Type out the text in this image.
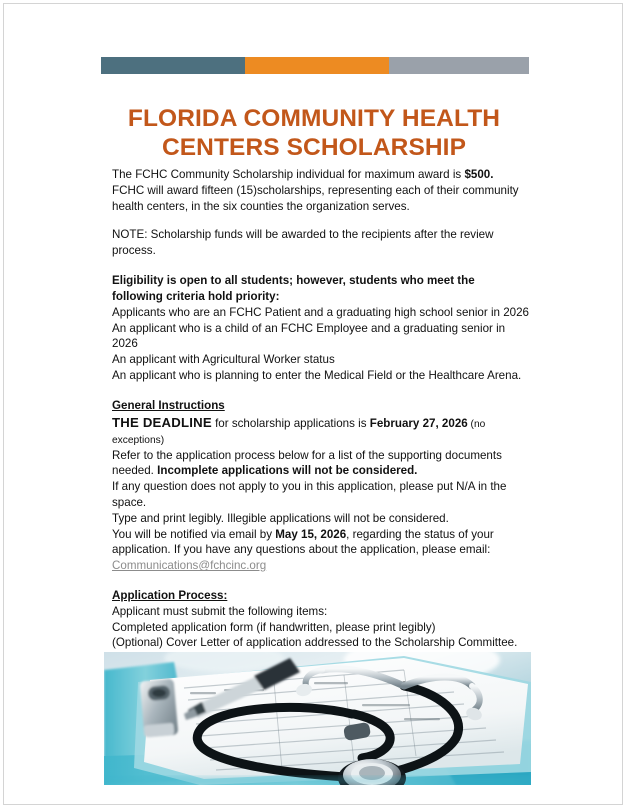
FLORIDA COMMUNITY HEALTH
CENTERS SCHOLARSHIP

The FCHC Community Scholarship individual for maximum award is $500.

FCHC will award fifteen (15)scholarships, representing each of their community

health centers, in the six counties the organization serves.

NOTE: Scholarship funds will be awarded to the recipients after the review process.

Eligibility is open to all students; however, students who meet the

following criteria hold priority:

Applicants who are an FCHC Patient and a graduating high school senior in 2026

An applicant who is a child of an FCHC Employee and a graduating senior in 2026

An applicant with Agricultural Worker status

An applicant who is planning to enter the Medical Field or the Healthcare Arena.

General Instructions

THE DEADLINE for scholarship applications is February 27, 2026 (no exceptions)

Refer to the application process below for a list of the supporting documents

needed. Incomplete applications will not be considered.

If any question does not apply to you in this application, please put N/A in the space.

Type and print legibly. Illegible applications will not be considered.

You will be notified via email by May 15, 2026, regarding the status of your

application. If you have any questions about the application, please email:

Communications@fchcinc.org

Application Process:

Applicant must submit the following items:

Completed application form (if handwritten, please print legibly)

(Optional) Cover Letter of application addressed to the Scholarship Committee.
